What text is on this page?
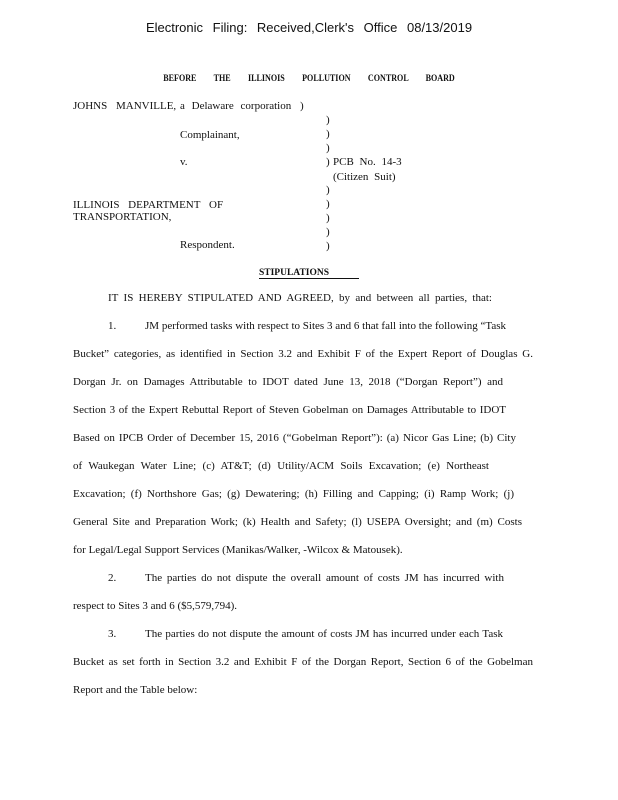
Electronic Filing: Received,Clerk's Office 08/13/2019
BEFORE THE ILLINOIS POLLUTION CONTROL BOARD
JOHNS MANVILLE, a Delaware corporation
Complainant,
v.	PCB No. 14-3
(Citizen Suit)
ILLINOIS DEPARTMENT OF
TRANSPORTATION,
Respondent.
)
)
)
)
)
)
)
)
)
)
STIPULATIONS
IT IS HEREBY STIPULATED AND AGREED, by and between all parties, that:
1.	JM performed tasks with respect to Sites 3 and 6 that fall into the following “Task
Bucket” categories, as identified in Section 3.2 and Exhibit F of the Expert Report of Douglas G.
Dorgan Jr. on Damages Attributable to IDOT dated June 13, 2018 (“Dorgan Report”) and
Section 3 of the Expert Rebuttal Report of Steven Gobelman on Damages Attributable to IDOT
Based on IPCB Order of December 15, 2016 (“Gobelman Report”): (a) Nicor Gas Line; (b) City
of Waukegan Water Line; (c) AT&T; (d) Utility/ACM Soils Excavation; (e) Northeast
Excavation; (f) Northshore Gas; (g) Dewatering; (h) Filling and Capping; (i) Ramp Work; (j)
General Site and Preparation Work; (k) Health and Safety; (l) USEPA Oversight; and (m) Costs
for Legal/Legal Support Services (Manikas/Walker, -Wilcox & Matousek).
2.	The parties do not dispute the overall amount of costs JM has incurred with
respect to Sites 3 and 6 ($5,579,794).
3.	The parties do not dispute the amount of costs JM has incurred under each Task
Bucket as set forth in Section 3.2 and Exhibit F of the Dorgan Report, Section 6 of the Gobelman
Report and the Table below:
